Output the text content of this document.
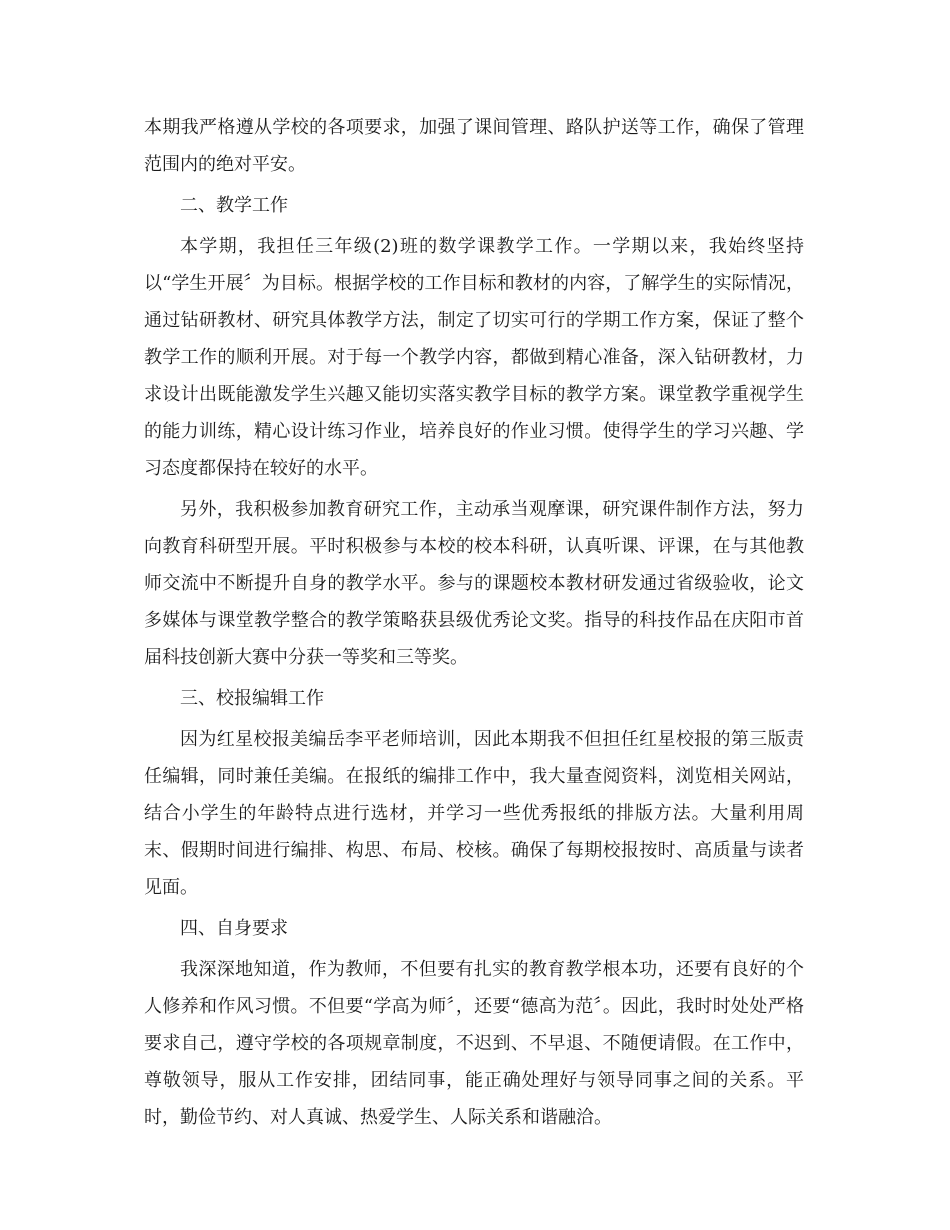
本期我严格遵从学校的各项要求，加强了课间管理、路队护送等工作，确保了管理范围内的绝对平安。

二、教学工作

本学期，我担任三年级(2)班的数学课教学工作。一学期以来，我始终坚持以“学生开展〞为目标。根据学校的工作目标和教材的内容，了解学生的实际情况，通过钻研教材、研究具体教学方法，制定了切实可行的学期工作方案，保证了整个教学工作的顺利开展。对于每一个教学内容，都做到精心准备，深入钻研教材，力求设计出既能激发学生兴趣又能切实落实教学目标的教学方案。课堂教学重视学生的能力训练，精心设计练习作业，培养良好的作业习惯。使得学生的学习兴趣、学习态度都保持在较好的水平。

另外，我积极参加教育研究工作，主动承当观摩课，研究课件制作方法，努力向教育科研型开展。平时积极参与本校的校本科研，认真听课、评课，在与其他教师交流中不断提升自身的教学水平。参与的课题校本教材研发通过省级验收，论文多媒体与课堂教学整合的教学策略获县级优秀论文奖。指导的科技作品在庆阳市首届科技创新大赛中分获一等奖和三等奖。

三、校报编辑工作

因为红星校报美编岳李平老师培训，因此本期我不但担任红星校报的第三版责任编辑，同时兼任美编。在报纸的编排工作中，我大量查阅资料，浏览相关网站，结合小学生的年龄特点进行选材，并学习一些优秀报纸的排版方法。大量利用周末、假期时间进行编排、构思、布局、校核。确保了每期校报按时、高质量与读者见面。

四、自身要求

我深深地知道，作为教师，不但要有扎实的教育教学根本功，还要有良好的个人修养和作风习惯。不但要“学高为师〞，还要“德高为范〞。因此，我时时处处严格要求自己，遵守学校的各项规章制度，不迟到、不早退、不随便请假。在工作中，尊敬领导，服从工作安排，团结同事，能正确处理好与领导同事之间的关系。平时，勤俭节约、对人真诚、热爱学生、人际关系和谐融洽。
